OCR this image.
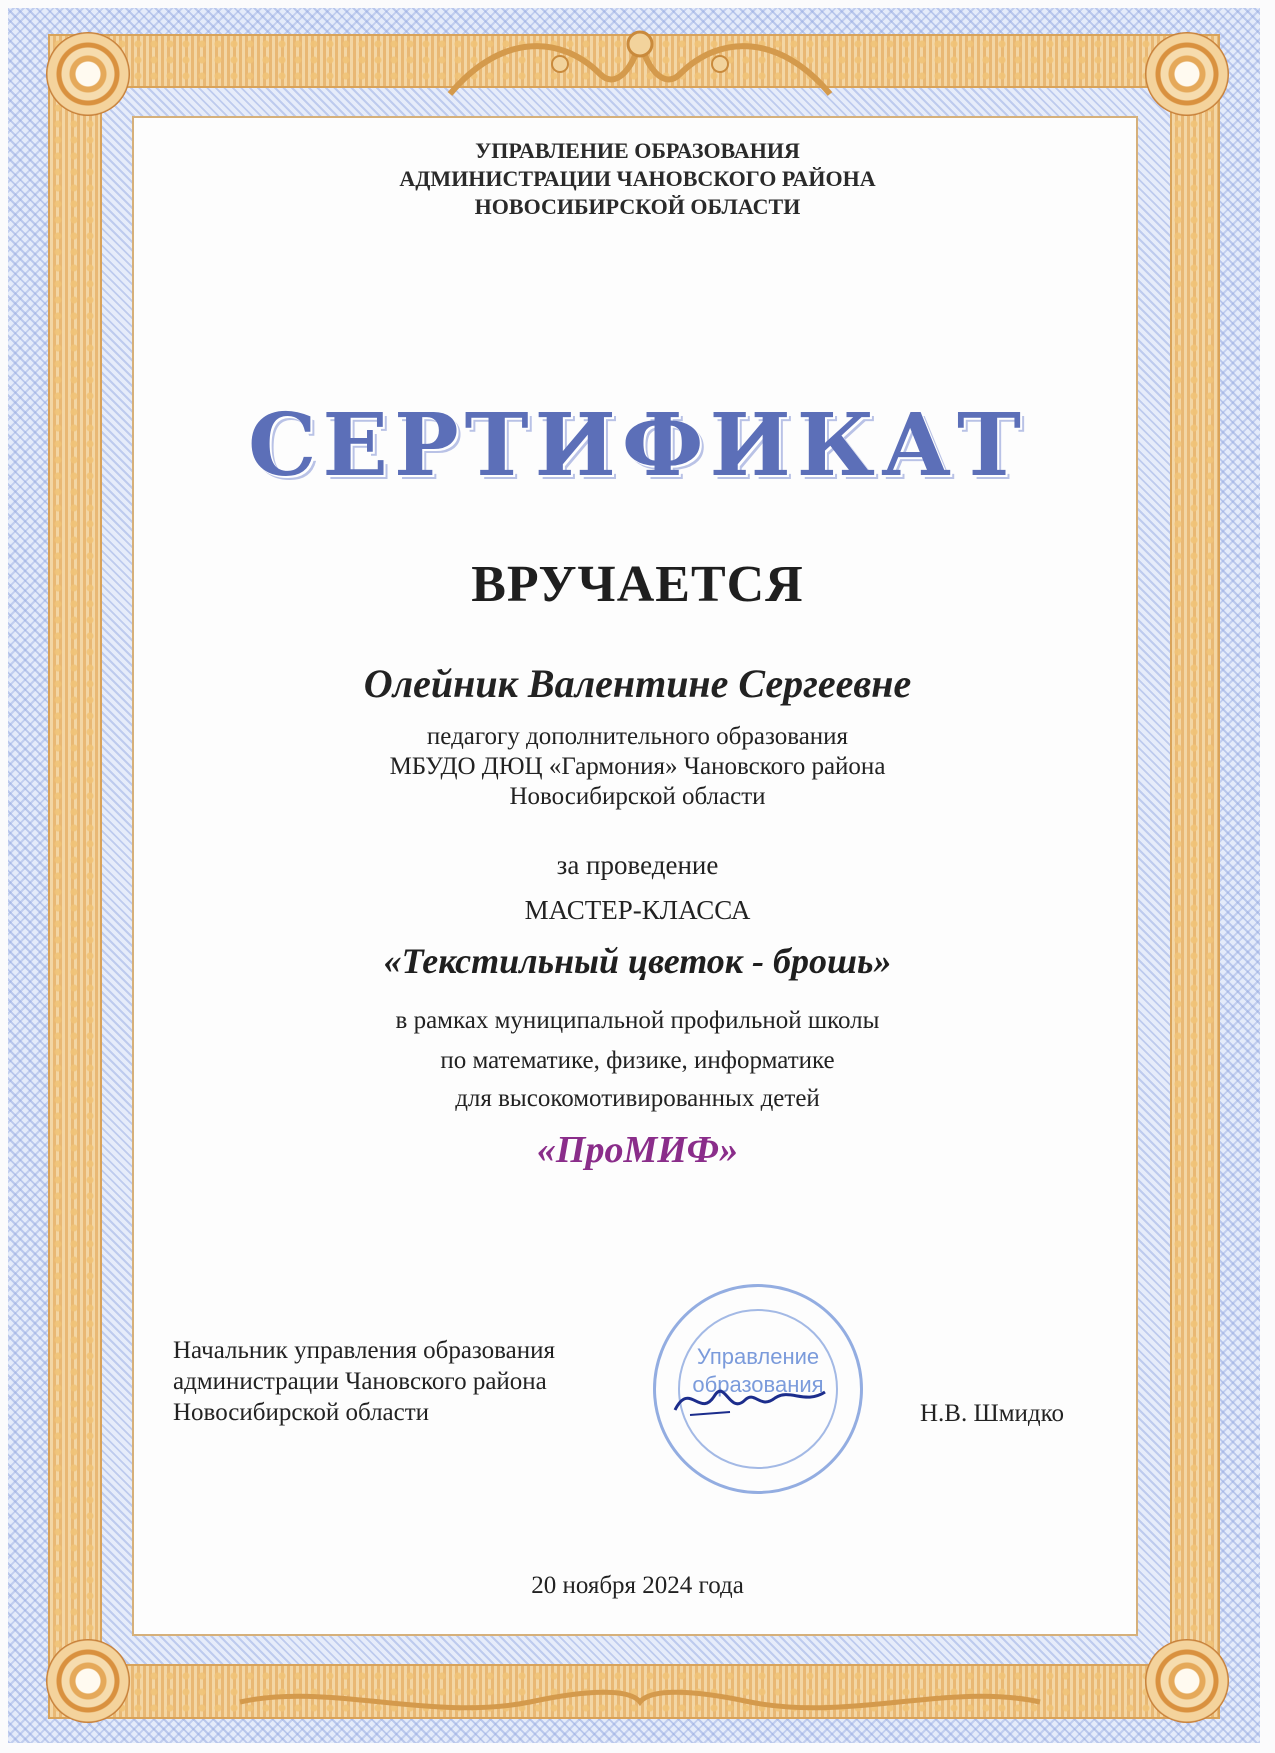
УПРАВЛЕНИЕ ОБРАЗОВАНИЯ
АДМИНИСТРАЦИИ ЧАНОВСКОГО РАЙОНА
НОВОСИБИРСКОЙ ОБЛАСТИ
СЕРТИФИКАТ
ВРУЧАЕТСЯ
Олейник Валентине Сергеевне
педагогу дополнительного образования
МБУДО ДЮЦ «Гармония» Чановского района
Новосибирской области
за проведение
МАСТЕР-КЛАССА
«Текстильный цветок - брошь»
в рамках муниципальной профильной школы
по математике, физике, информатике
для высокомотивированных детей
«ПроМИФ»
Начальник управления образования
администрации Чановского района
Новосибирской области
Управление
образования
Н.В. Шмидко
20 ноября 2024 года
